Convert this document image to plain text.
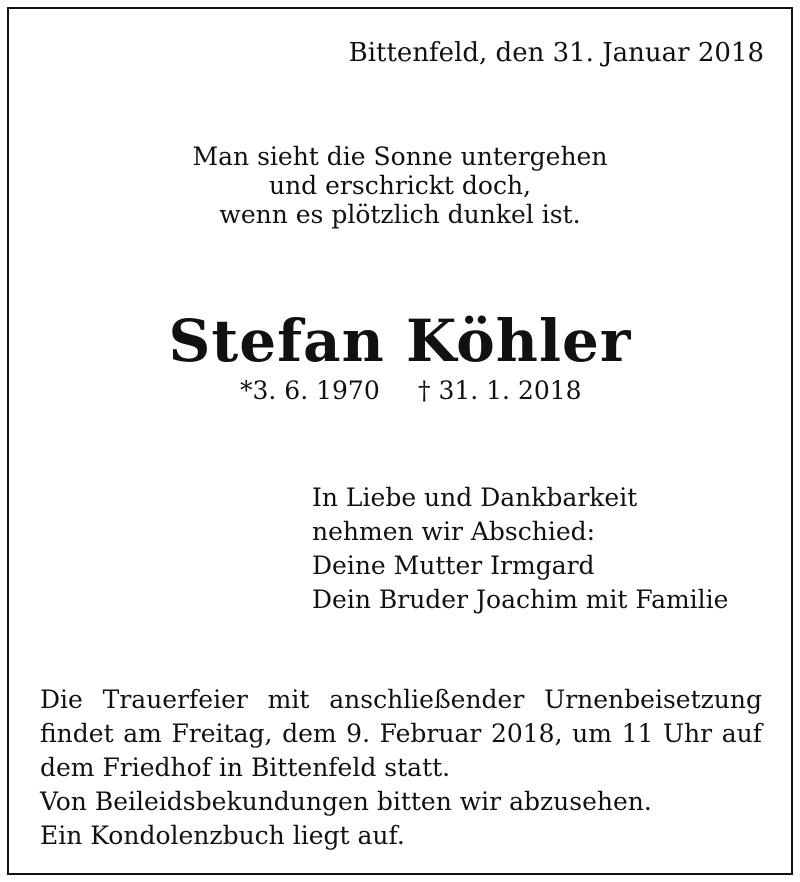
Bittenfeld, den 31. Januar 2018
Man sieht die Sonne untergehen
und erschrickt doch,
wenn es plötzlich dunkel ist.
Stefan Köhler
*3. 6. 1970 † 31. 1. 2018
In Liebe und Dankbarkeit
nehmen wir Abschied:
Deine Mutter Irmgard
Dein Bruder Joachim mit Familie
Die Trauerfeier mit anschließender Urnenbeisetzung
findet am Freitag, dem 9. Februar 2018, um 11 Uhr auf
dem Friedhof in Bittenfeld statt.
Von Beileidsbekundungen bitten wir abzusehen.
Ein Kondolenzbuch liegt auf.
